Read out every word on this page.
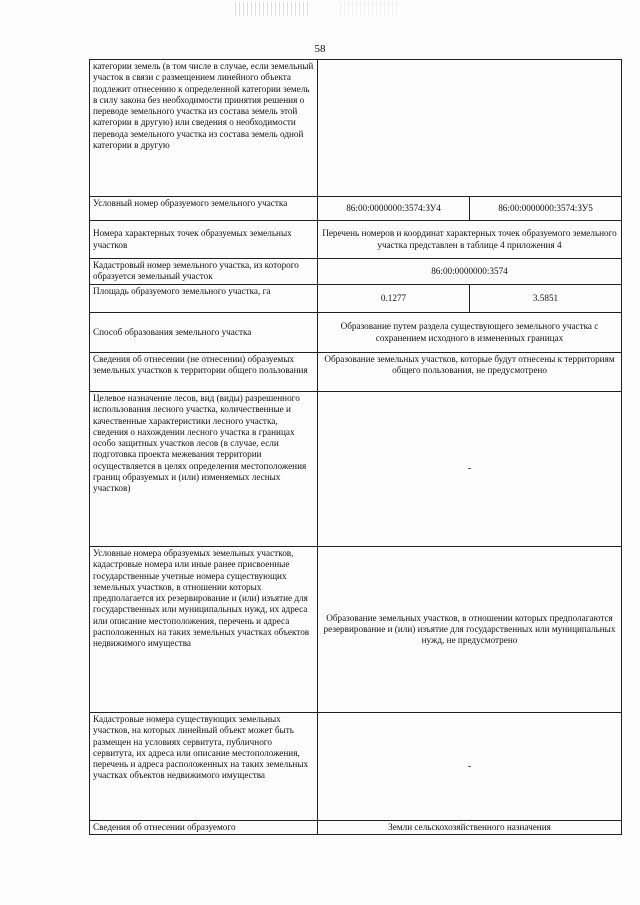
58
категории земель (в том числе в случае, если земельный участок в связи с размещением линейного объекта подлежит отнесению к определенной категории земель в силу закона без необходимости принятия решения о переводе земельного участка из состава земель этой категории в другую) или сведения о необходимости перевода земельного участка из состава земель одной категории в другую		
Условный номер образуемого земельного участка	86:00:0000000:3574:ЗУ4	86:00:0000000:3574:ЗУ5
Номера характерных точек образуемых земельных участков	Перечень номеров и координат характерных точек образуемого земельного участка представлен в таблице 4 приложения 4	
Кадастровый номер земельного участка, из которого образуется земельный участок	86:00:0000000:3574	
Площадь образуемого земельного участка, га	0.1277	3.5851
Способ образования земельного участка	Образование путем раздела существующего земельного участка с сохранением исходного в измененных границах	
Сведения об отнесении (не отнесении) образуемых земельных участков к территории общего пользования	Образование земельных участков, которые будут отнесены к территориям общего пользования, не предусмотрено	
Целевое назначение лесов, вид (виды) разрешенного использования лесного участка, количественные и качественные характеристики лесного участка, сведения о нахождении лесного участка в границах особо защитных участков лесов (в случае, если подготовка проекта межевания территории осуществляется в целях определения местоположения границ образуемых и (или) изменяемых лесных участков)	-	
Условные номера образуемых земельных участков, кадастровые номера или иные ранее присвоенные государственные учетные номера существующих земельных участков, в отношении которых предполагается их резервирование и (или) изъятие для государственных или муниципальных нужд, их адреса или описание местоположения, перечень и адреса расположенных на таких земельных участках объектов недвижимого имущества	Образование земельных участков, в отношении которых предполагаются резервирование и (или) изъятие для государственных или муниципальных нужд, не предусмотрено	
Кадастровые номера существующих земельных участков, на которых линейный объект может быть размещен на условиях сервитута, публичного сервитута, их адреса или описание местоположения, перечень и адреса расположенных на таких земельных участках объектов недвижимого имущества	-	
Сведения об отнесении образуемого	Земли сельскохозяйственного назначения	
